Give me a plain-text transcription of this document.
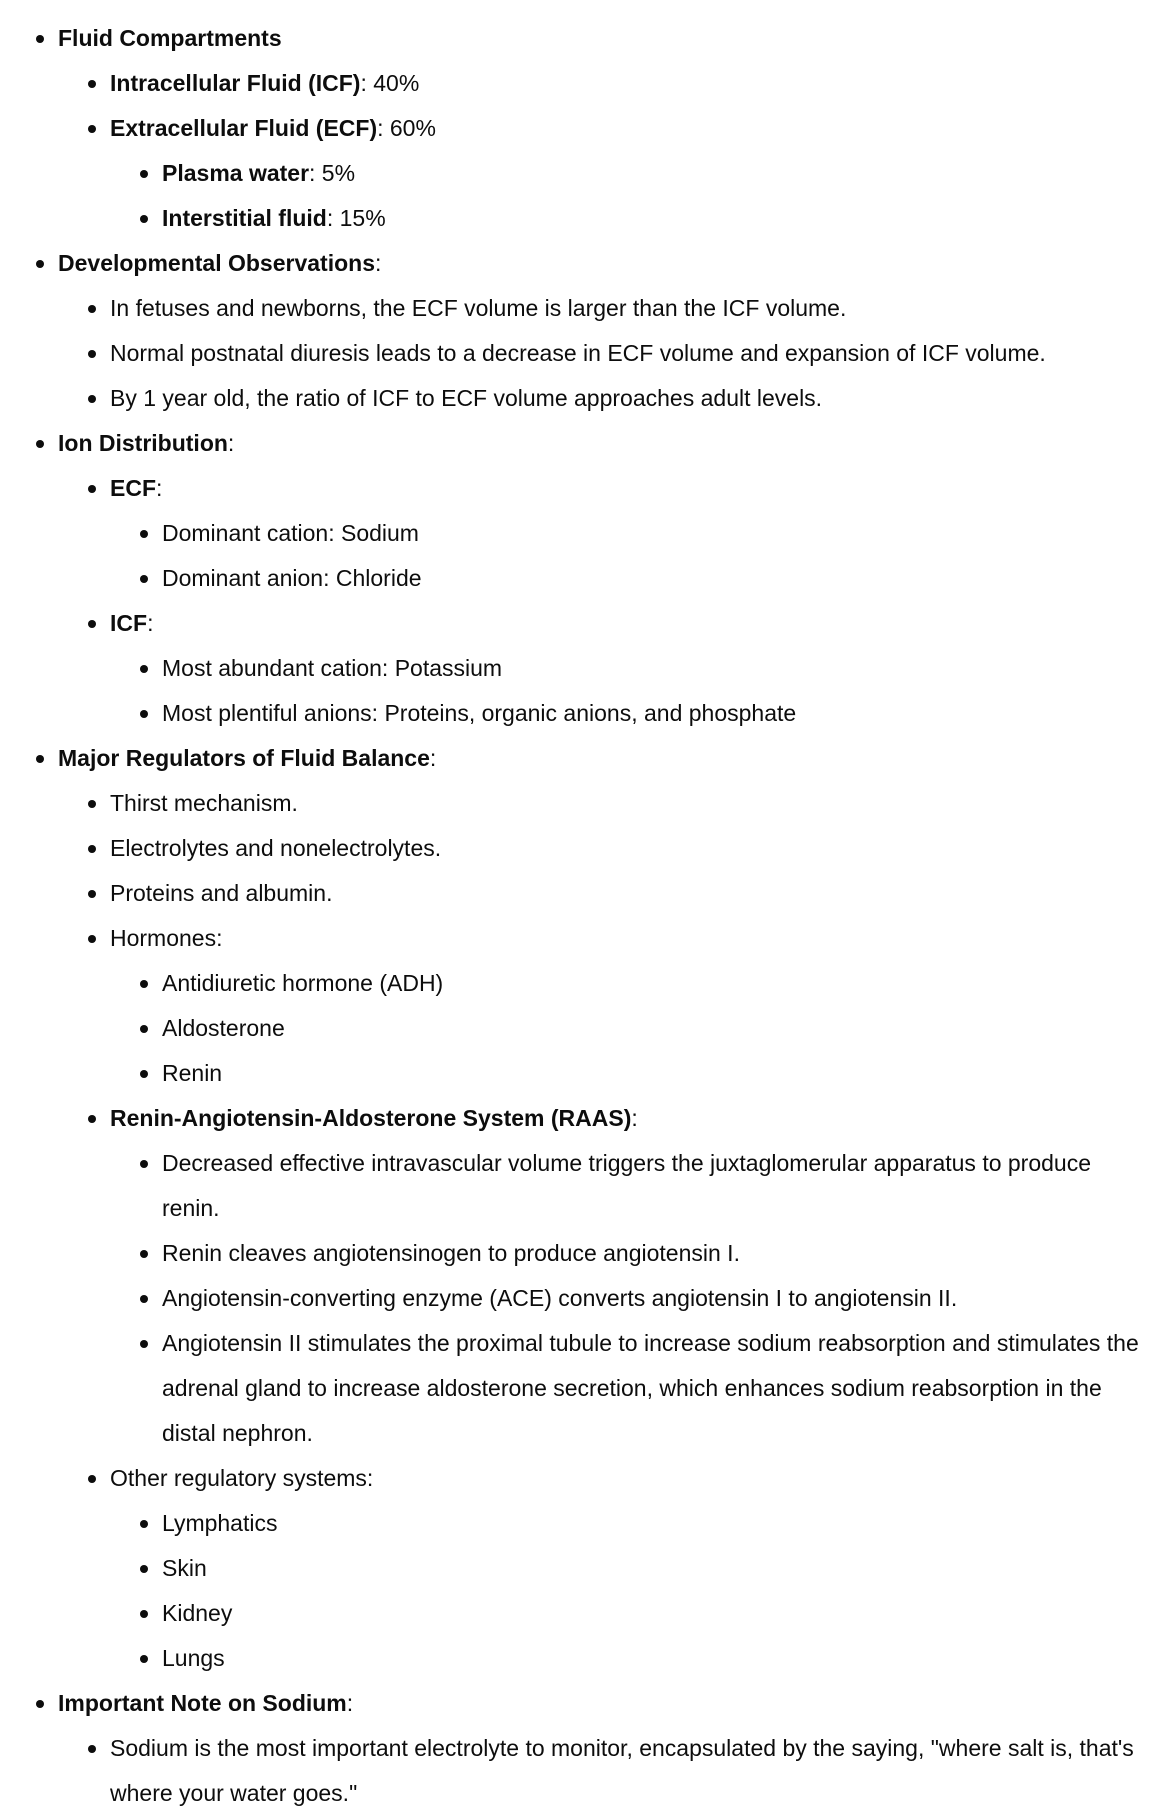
Fluid Compartments
Intracellular Fluid (ICF): 40%
Extracellular Fluid (ECF): 60%
Plasma water: 5%
Interstitial fluid: 15%
Developmental Observations:
In fetuses and newborns, the ECF volume is larger than the ICF volume.
Normal postnatal diuresis leads to a decrease in ECF volume and expansion of ICF volume.
By 1 year old, the ratio of ICF to ECF volume approaches adult levels.
Ion Distribution:
ECF:
Dominant cation: Sodium
Dominant anion: Chloride
ICF:
Most abundant cation: Potassium
Most plentiful anions: Proteins, organic anions, and phosphate
Major Regulators of Fluid Balance:
Thirst mechanism.
Electrolytes and nonelectrolytes.
Proteins and albumin.
Hormones:
Antidiuretic hormone (ADH)
Aldosterone
Renin
Renin-Angiotensin-Aldosterone System (RAAS):
Decreased effective intravascular volume triggers the juxtaglomerular apparatus to produce renin.
Renin cleaves angiotensinogen to produce angiotensin I.
Angiotensin-converting enzyme (ACE) converts angiotensin I to angiotensin II.
Angiotensin II stimulates the proximal tubule to increase sodium reabsorption and stimulates the adrenal gland to increase aldosterone secretion, which enhances sodium reabsorption in the distal nephron.
Other regulatory systems:
Lymphatics
Skin
Kidney
Lungs
Important Note on Sodium:
Sodium is the most important electrolyte to monitor, encapsulated by the saying, "where salt is, that's where your water goes."
